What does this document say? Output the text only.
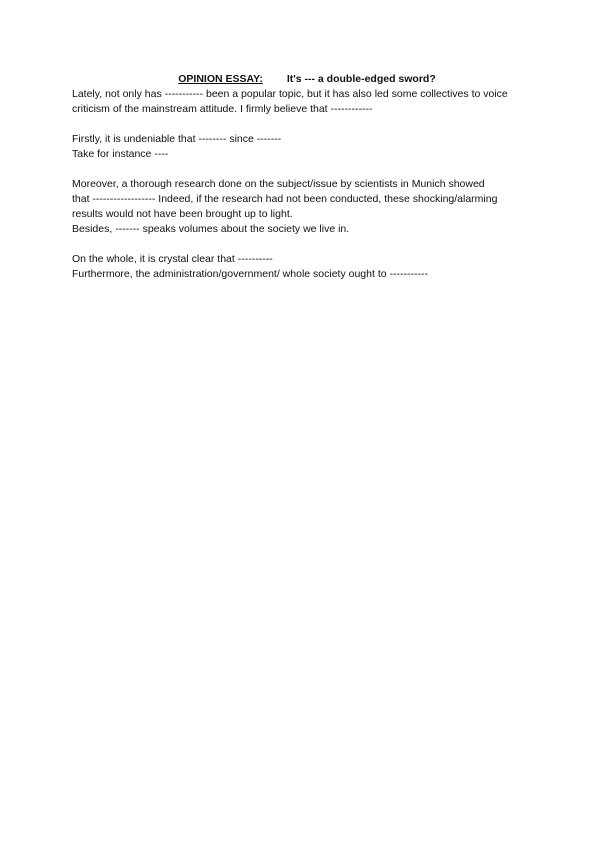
OPINION ESSAY: It's --- a double-edged sword?
Lately, not only has ----------- been a popular topic, but it has also led some collectives to voice
criticism of the mainstream attitude. I firmly believe that ------------
Firstly, it is undeniable that -------- since -------
Take for instance ----
Moreover, a thorough research done on the subject/issue by scientists in Munich showed
that ------------------ Indeed, if the research had not been conducted, these shocking/alarming
results would not have been brought up to light.
Besides, ------- speaks volumes about the society we live in.
On the whole, it is crystal clear that ----------
Furthermore, the administration/government/ whole society ought to -----------
